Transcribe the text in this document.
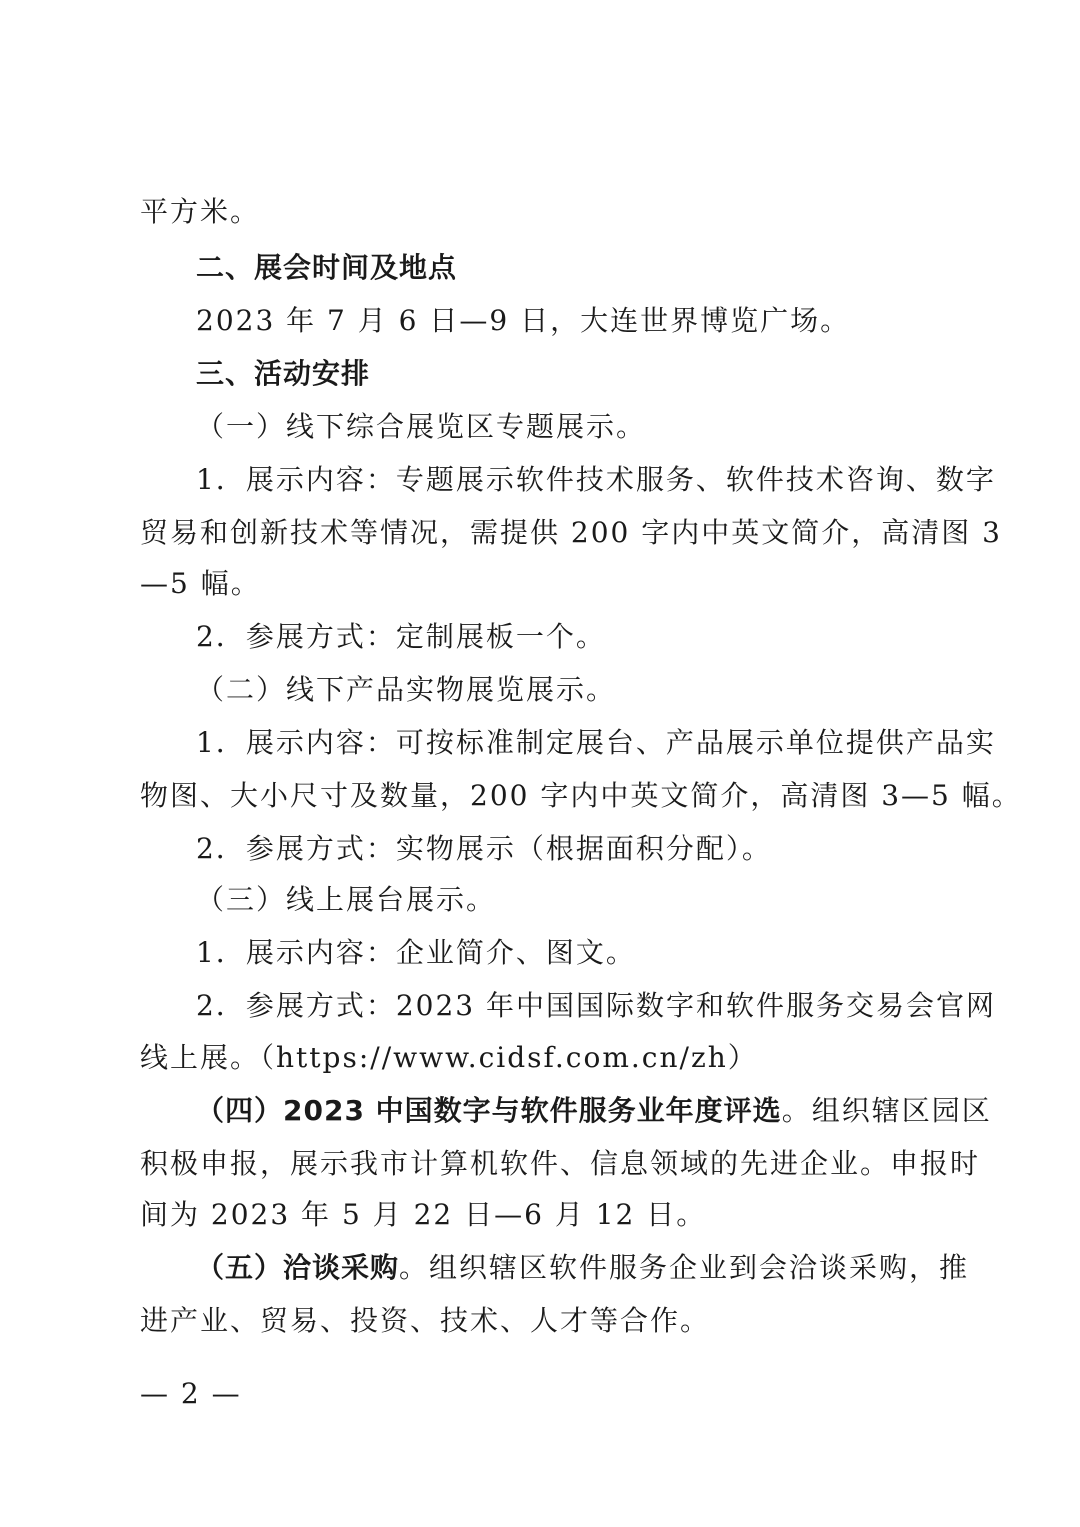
平方米。
二、展会时间及地点
2023 年 7 月 6 日—9 日，大连世界博览广场。
三、活动安排
（一）线下综合展览区专题展示。
1．展示内容：专题展示软件技术服务、软件技术咨询、数字
贸易和创新技术等情况，需提供 200 字内中英文简介，高清图 3
—5 幅。
2．参展方式：定制展板一个。
（二）线下产品实物展览展示。
1．展示内容：可按标准制定展台、产品展示单位提供产品实
物图、大小尺寸及数量，200 字内中英文简介，高清图 3—5 幅。
2．参展方式：实物展示（根据面积分配）。
（三）线上展台展示。
1．展示内容：企业简介、图文。
2．参展方式：2023 年中国国际数字和软件服务交易会官网
线上展。（https://www.cidsf.com.cn/zh）
（四）2023 中国数字与软件服务业年度评选。组织辖区园区
积极申报，展示我市计算机软件、信息领域的先进企业。申报时
间为 2023 年 5 月 22 日—6 月 12 日。
（五）洽谈采购。组织辖区软件服务企业到会洽谈采购，推
进产业、贸易、投资、技术、人才等合作。
— 2 —
